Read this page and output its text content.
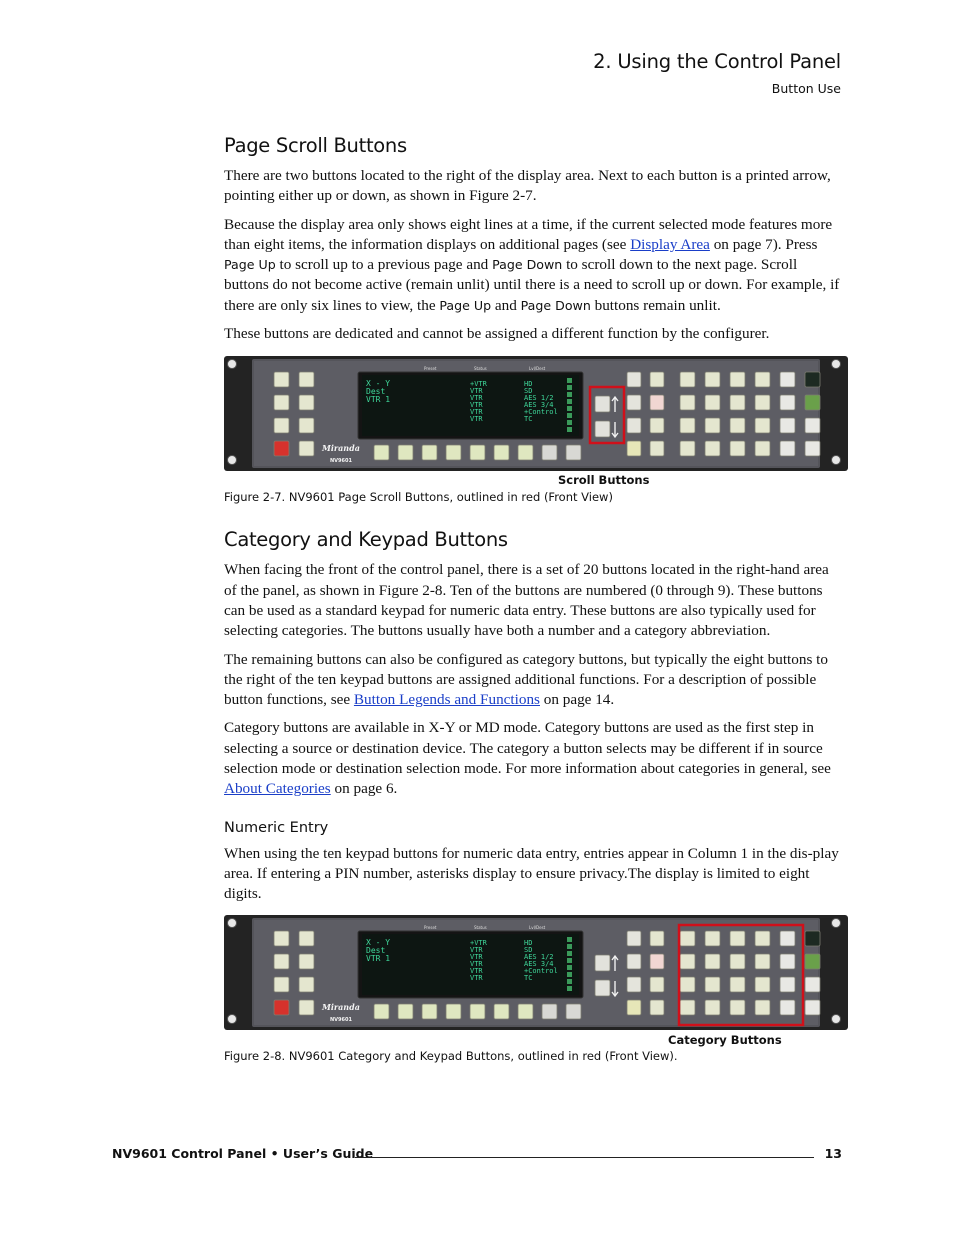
2. Using the Control Panel
Button Use
Page Scroll Buttons

There are two buttons located to the right of the display area. Next to each button is a printed arrow, pointing either up or down, as shown in Figure 2-7.

Because the display area only shows eight lines at a time, if the current selected mode features more than eight items, the information displays on additional pages (see Display Area on page 7). Press Page Up to scroll up to a previous page and Page Down to scroll down to the next page. Scroll buttons do not become active (remain unlit) until there is a need to scroll up or down. For example, if there are only six lines to view, the Page Up and Page Down buttons remain unlit.

These buttons are dedicated and cannot be assigned a different function by the configurer.

Preset	Status	Lvl/Dest
X - Y
Dest
VTR 1
+VTR
VTR
VTR
VTR
VTR
VTR
HD
SD
AES 1/2
AES 3/4
+Control
TC
Miranda
NV9601
Scroll Buttons
Figure 2-7. NV9601 Page Scroll Buttons, outlined in red (Front View)
Category and Keypad Buttons

When facing the front of the control panel, there is a set of 20 buttons located in the right-hand area of the panel, as shown in Figure 2-8. Ten of the buttons are numbered (0 through 9). These buttons can be used as a standard keypad for numeric data entry. These buttons are also typically used for selecting categories. The buttons usually have both a number and a category abbreviation.

The remaining buttons can also be configured as category buttons, but typically the eight buttons to the right of the ten keypad buttons are assigned additional functions. For a description of possible button functions, see Button Legends and Functions on page 14.

Category buttons are available in X-Y or MD mode. Category buttons are used as the first step in selecting a source or destination device. The category a button selects may be different if in source selection mode or destination selection mode. For more information about categories in general, see About Categories on page 6.

Numeric Entry

When using the ten keypad buttons for numeric data entry, entries appear in Column 1 in the dis-play area. If entering a PIN number, asterisks display to ensure privacy.The display is limited to eight digits.

Preset	Status	Lvl/Dest
X - Y
Dest
VTR 1
+VTR
VTR
VTR
VTR
VTR
VTR
HD
SD
AES 1/2
AES 3/4
+Control
TC
Miranda
NV9601
Category Buttons
Figure 2-8. NV9601 Category and Keypad Buttons, outlined in red (Front View).
NV9601 Control Panel • User’s Guide	13
